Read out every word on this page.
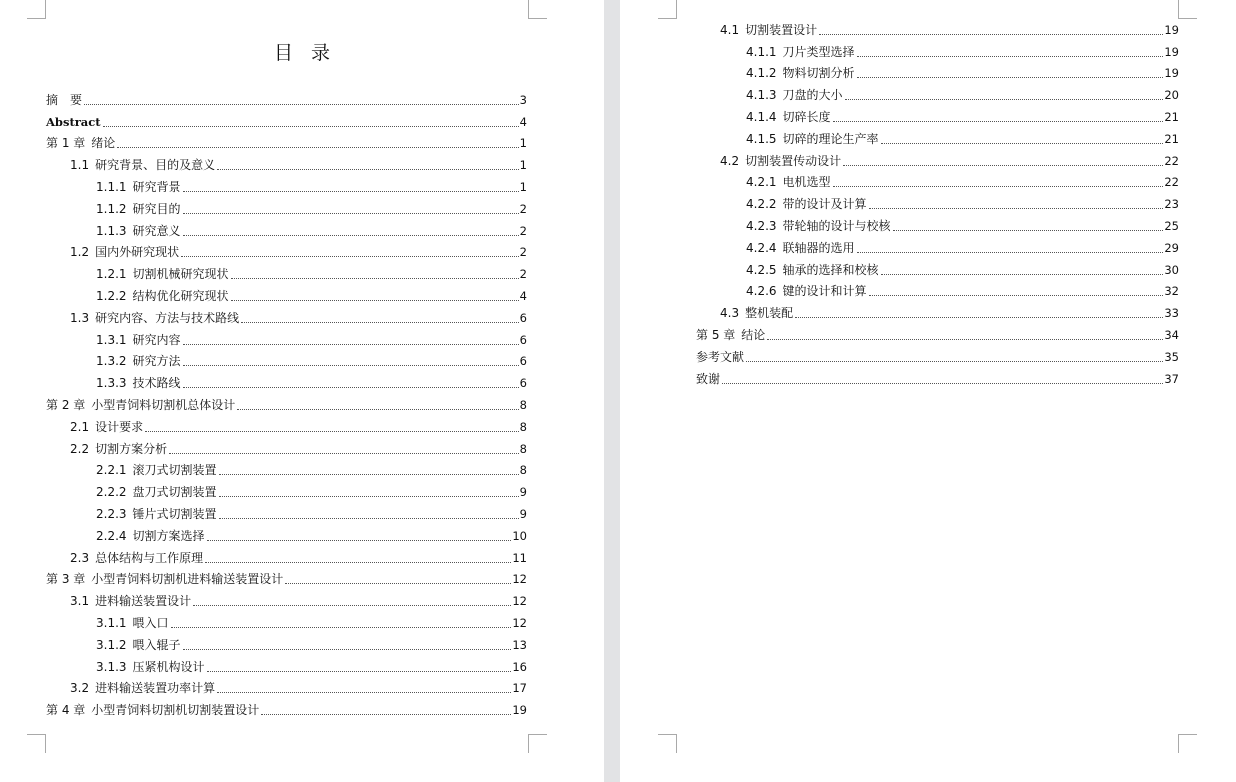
目 录
摘　要	3
Abstract	4
第 1 章 绪论	1
1.1 研究背景、目的及意义	1
1.1.1 研究背景	1
1.1.2 研究目的	2
1.1.3 研究意义	2
1.2 国内外研究现状	2
1.2.1 切割机械研究现状	2
1.2.2 结构优化研究现状	4
1.3 研究内容、方法与技术路线	6
1.3.1 研究内容	6
1.3.2 研究方法	6
1.3.3 技术路线	6
第 2 章 小型青饲料切割机总体设计	8
2.1 设计要求	8
2.2 切割方案分析	8
2.2.1 滚刀式切割装置	8
2.2.2 盘刀式切割装置	9
2.2.3 锤片式切割装置	9
2.2.4 切割方案选择	10
2.3 总体结构与工作原理	11
第 3 章 小型青饲料切割机进料输送装置设计	12
3.1 进料输送装置设计	12
3.1.1 喂入口	12
3.1.2 喂入辊子	13
3.1.3 压紧机构设计	16
3.2 进料输送装置功率计算	17
第 4 章 小型青饲料切割机切割装置设计	19
4.1 切割装置设计	19
4.1.1 刀片类型选择	19
4.1.2 物料切割分析	19
4.1.3 刀盘的大小	20
4.1.4 切碎长度	21
4.1.5 切碎的理论生产率	21
4.2 切割装置传动设计	22
4.2.1 电机选型	22
4.2.2 带的设计及计算	23
4.2.3 带轮轴的设计与校核	25
4.2.4 联轴器的选用	29
4.2.5 轴承的选择和校核	30
4.2.6 键的设计和计算	32
4.3 整机装配	33
第 5 章 结论	34
参考文献	35
致谢	37
